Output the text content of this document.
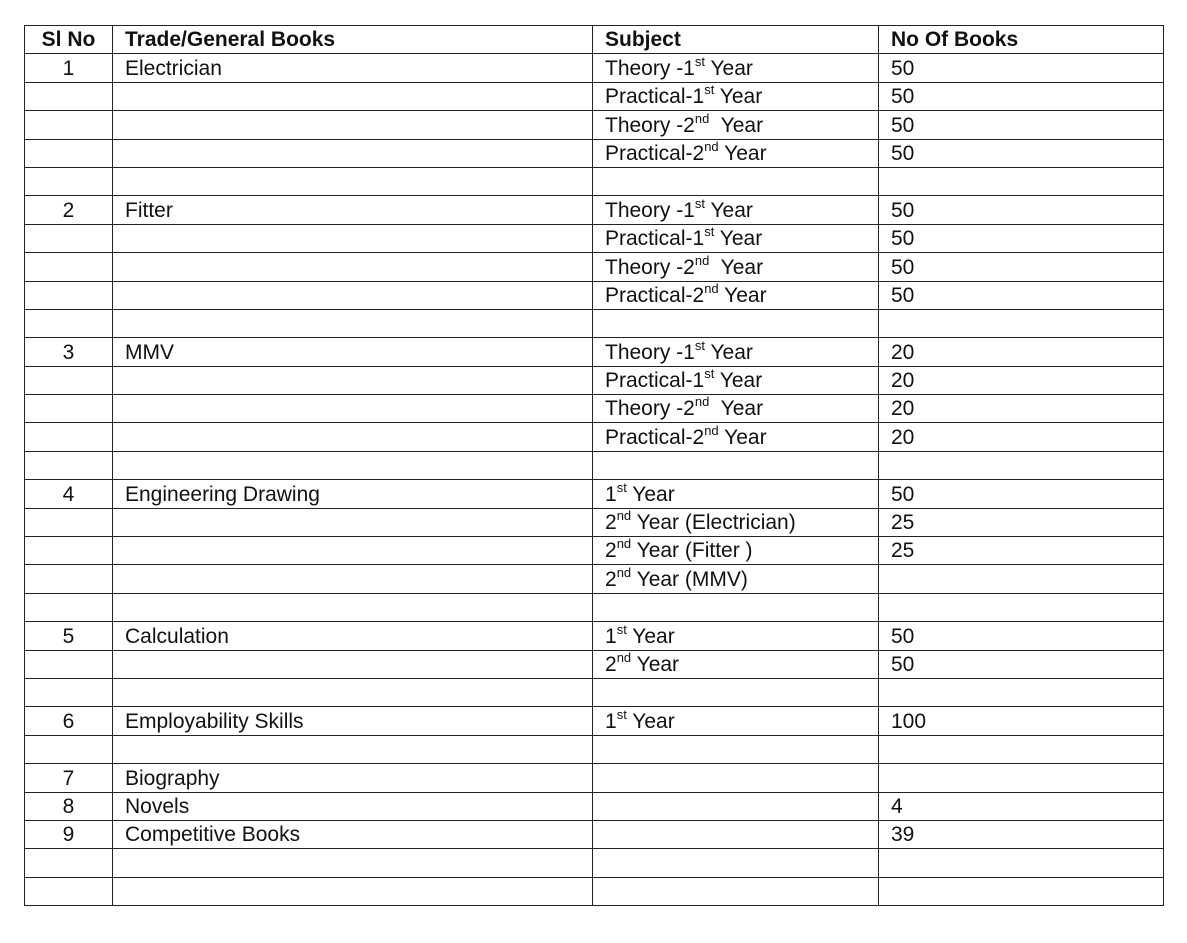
Sl No	Trade/General Books	Subject	No Of Books
1	Electrician	Theory -1st Year	50
		Practical-1st Year	50
		Theory -2nd  Year	50
		Practical-2nd Year	50

2	Fitter	Theory -1st Year	50
		Practical-1st Year	50
		Theory -2nd  Year	50
		Practical-2nd Year	50

3	MMV	Theory -1st Year	20
		Practical-1st Year	20
		Theory -2nd  Year	20
		Practical-2nd Year	20

4	Engineering Drawing	1st Year	50
		2nd Year (Electrician)	25
		2nd Year (Fitter )	25
		2nd Year (MMV)	

5	Calculation	1st Year	50
		2nd Year	50

6	Employability Skills	1st Year	100

7	Biography		
8	Novels		4
9	Competitive Books		39
